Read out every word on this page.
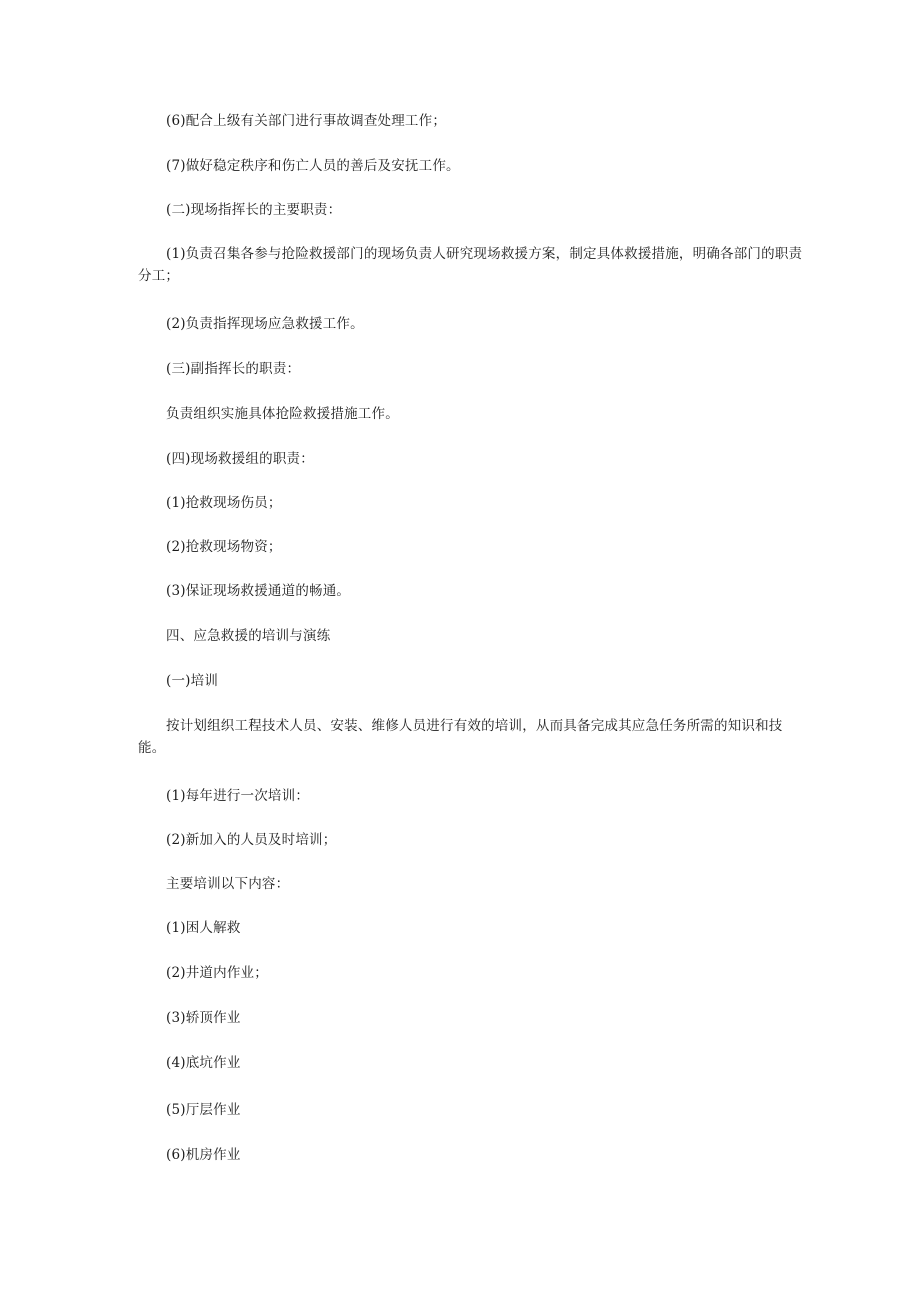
(6)配合上级有关部门进行事故调查处理工作；
(7)做好稳定秩序和伤亡人员的善后及安抚工作。
(二)现场指挥长的主要职责：
(1)负责召集各参与抢险救援部门的现场负责人研究现场救援方案，制定具体救援措施，明确各部门的职责
分工；
(2)负责指挥现场应急救援工作。
(三)副指挥长的职责：
负责组织实施具体抢险救援措施工作。
(四)现场救援组的职责：
(1)抢救现场伤员；
(2)抢救现场物资；
(3)保证现场救援通道的畅通。
四、应急救援的培训与演练
(一)培训
按计划组织工程技术人员、安装、维修人员进行有效的培训，从而具备完成其应急任务所需的知识和技
能。
(1)每年进行一次培训：
(2)新加入的人员及时培训；
主要培训以下内容：
(1)困人解救
(2)井道内作业；
(3)轿顶作业
(4)底坑作业
(5)厅层作业
(6)机房作业
